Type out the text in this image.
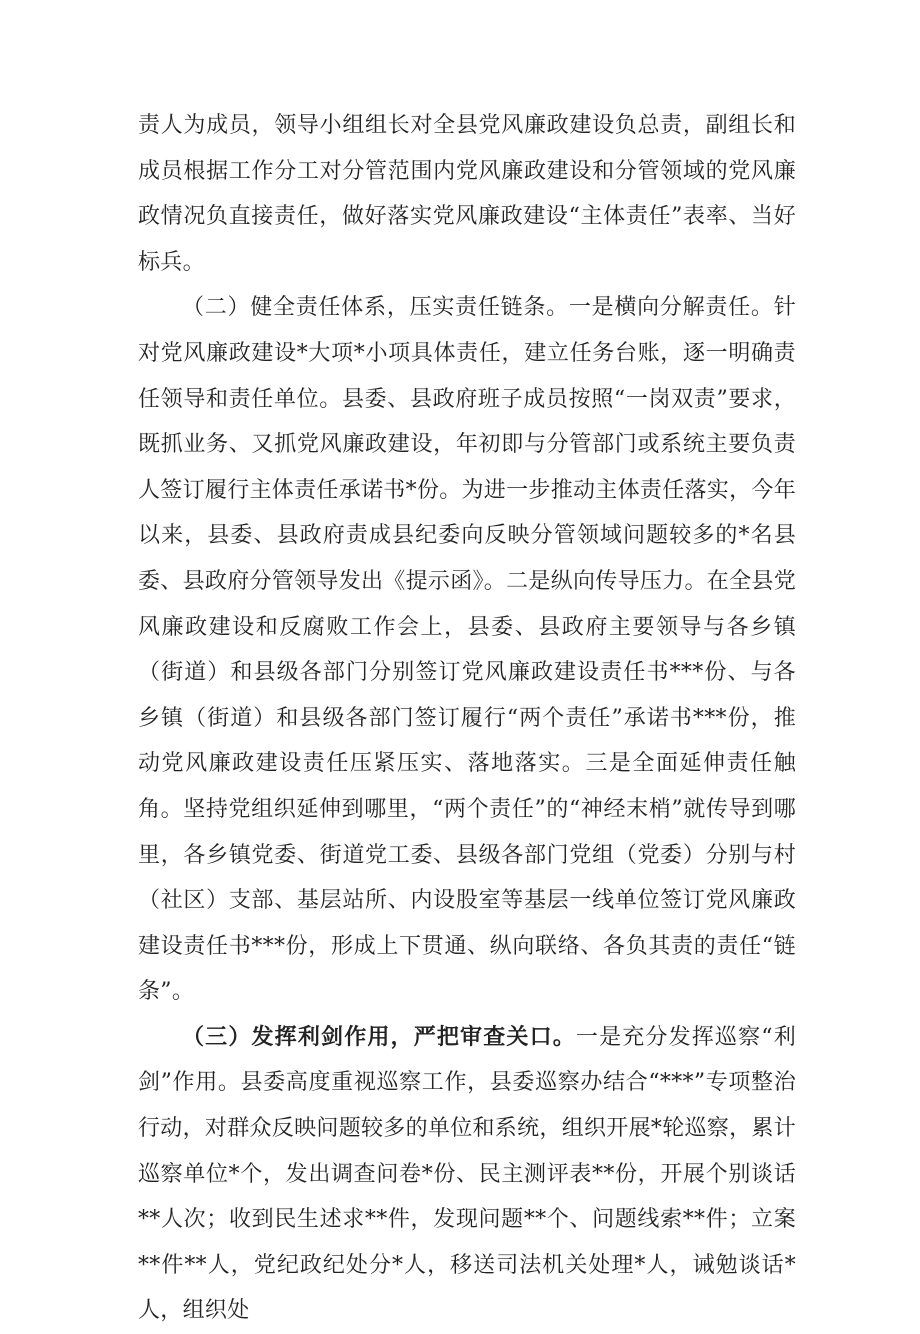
责人为成员，领导小组组长对全县党风廉政建设负总责，副组长和成员根据工作分工对分管范围内党风廉政建设和分管领域的党风廉政情况负直接责任，做好落实党风廉政建设“主体责任”表率、当好标兵。

（二）健全责任体系，压实责任链条。一是横向分解责任。针对党风廉政建设*大项*小项具体责任，建立任务台账，逐一明确责任领导和责任单位。县委、县政府班子成员按照“一岗双责”要求，既抓业务、又抓党风廉政建设，年初即与分管部门或系统主要负责人签订履行主体责任承诺书*份。为进一步推动主体责任落实，今年以来，县委、县政府责成县纪委向反映分管领域问题较多的*名县委、县政府分管领导发出《提示函》。二是纵向传导压力。在全县党风廉政建设和反腐败工作会上，县委、县政府主要领导与各乡镇（街道）和县级各部门分别签订党风廉政建设责任书***份、与各乡镇（街道）和县级各部门签订履行“两个责任”承诺书***份，推动党风廉政建设责任压紧压实、落地落实。三是全面延伸责任触角。坚持党组织延伸到哪里，“两个责任”的“神经末梢”就传导到哪里，各乡镇党委、街道党工委、县级各部门党组（党委）分别与村（社区）支部、基层站所、内设股室等基层一线单位签订党风廉政建设责任书***份，形成上下贯通、纵向联络、各负其责的责任“链条”。

（三）发挥利剑作用，严把审查关口。一是充分发挥巡察“利剑”作用。县委高度重视巡察工作，县委巡察办结合“***”专项整治行动，对群众反映问题较多的单位和系统，组织开展*轮巡察，累计巡察单位*个，发出调查问卷*份、民主测评表**份，开展个别谈话**人次；收到民生述求**件，发现问题**个、问题线索**件；立案**件**人，党纪政纪处分*人，移送司法机关处理*人，诫勉谈话*人，组织处
